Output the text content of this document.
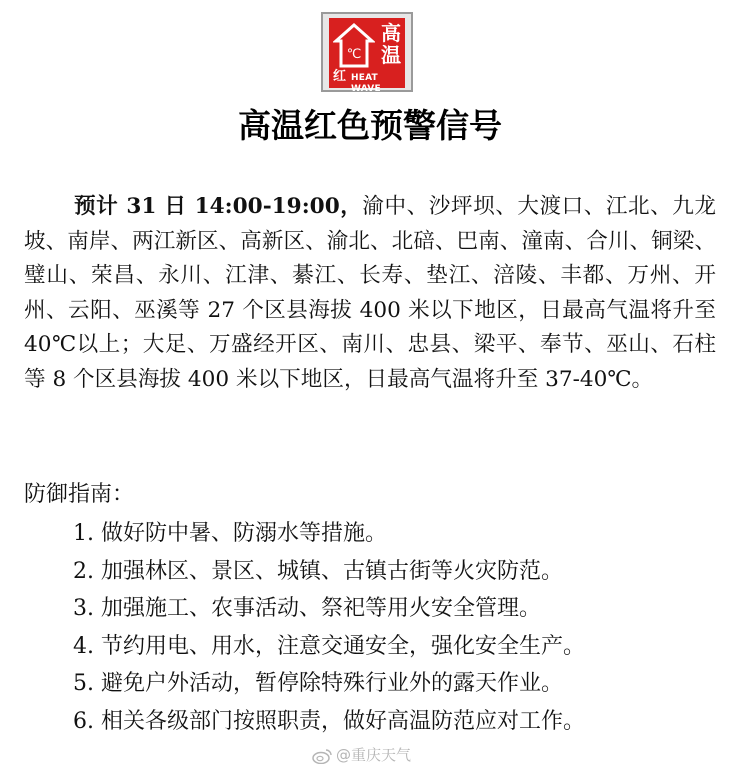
℃
高温
红 HEAT WAVE
高温红色预警信号
预计 31 日 14:00-19:00，渝中、沙坪坝、大渡口、江北、九龙坡、南岸、两江新区、高新区、渝北、北碚、巴南、潼南、合川、铜梁、璧山、荣昌、永川、江津、綦江、长寿、垫江、涪陵、丰都、万州、开州、云阳、巫溪等 27 个区县海拔 400 米以下地区，日最高气温将升至 40℃以上；大足、万盛经开区、南川、忠县、梁平、奉节、巫山、石柱等 8 个区县海拔 400 米以下地区，日最高气温将升至 37-40℃。
防御指南：
1. 做好防中暑、防溺水等措施。
2. 加强林区、景区、城镇、古镇古街等火灾防范。
3. 加强施工、农事活动、祭祀等用火安全管理。
4. 节约用电、用水，注意交通安全，强化安全生产。
5. 避免户外活动，暂停除特殊行业外的露天作业。
6. 相关各级部门按照职责，做好高温防范应对工作。
@重庆天气
